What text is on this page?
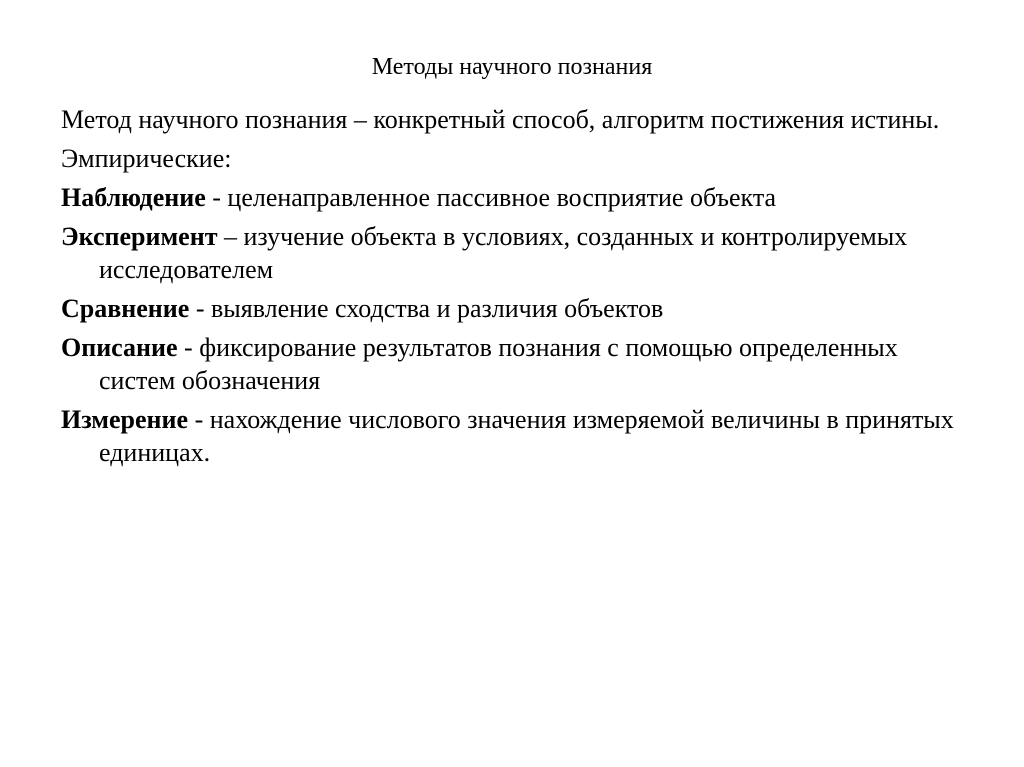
Методы научного познания

Метод научного познания – конкретный способ, алгоритм постижения истины.

Эмпирические:

Наблюдение - целенаправленное пассивное восприятие объекта

Эксперимент – изучение объекта в условиях, созданных и контролируемых исследователем

Сравнение - выявление сходства и различия объектов

Описание - фиксирование результатов познания с помощью определенных систем обозначения

Измерение - нахождение числового значения измеряемой величины в принятых единицах.
